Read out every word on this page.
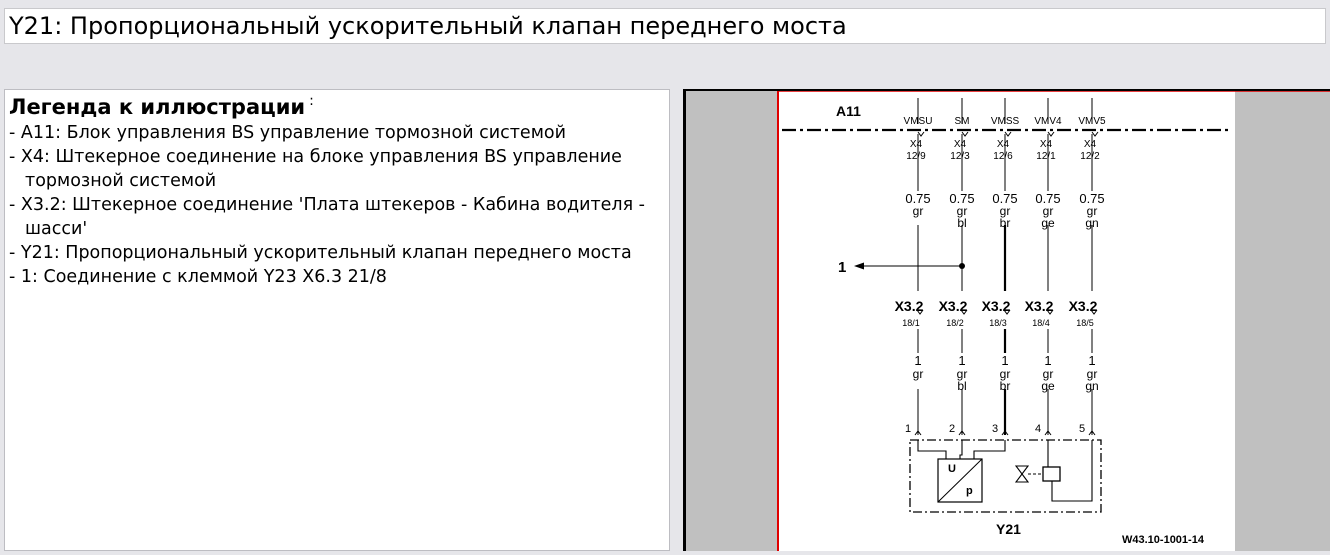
Y21: Пропорциональный ускорительный клапан переднего моста
Легенда к иллюстрации :
- A11: Блок управления BS управление тормозной системой
- X4: Штекерное соединение на блоке управления BS управление тормозной системой
- X3.2: Штекерное соединение 'Плата штекеров - Кабина водителя - шасси'
- Y21: Пропорциональный ускорительный клапан переднего моста
- 1: Соединение с клеммой Y23 X6.3 21/8
A11
VMSU
X4
12/9
0.75
gr
X3.2
18/1
1
gr
1
SM
X4
12/3
0.75
gr
bl
X3.2
18/2
1
gr
bl
2
VMSS
X4
12/6
0.75
gr
br
X3.2
18/3
1
gr
br
3
VMV4
X4
12/1
0.75
gr
ge
X3.2
18/4
1
gr
ge
4
VMV5
X4
12/2
0.75
gr
gn
X3.2
18/5
1
gr
gn
5
1
U
p
Y21
W43.10-1001-14
